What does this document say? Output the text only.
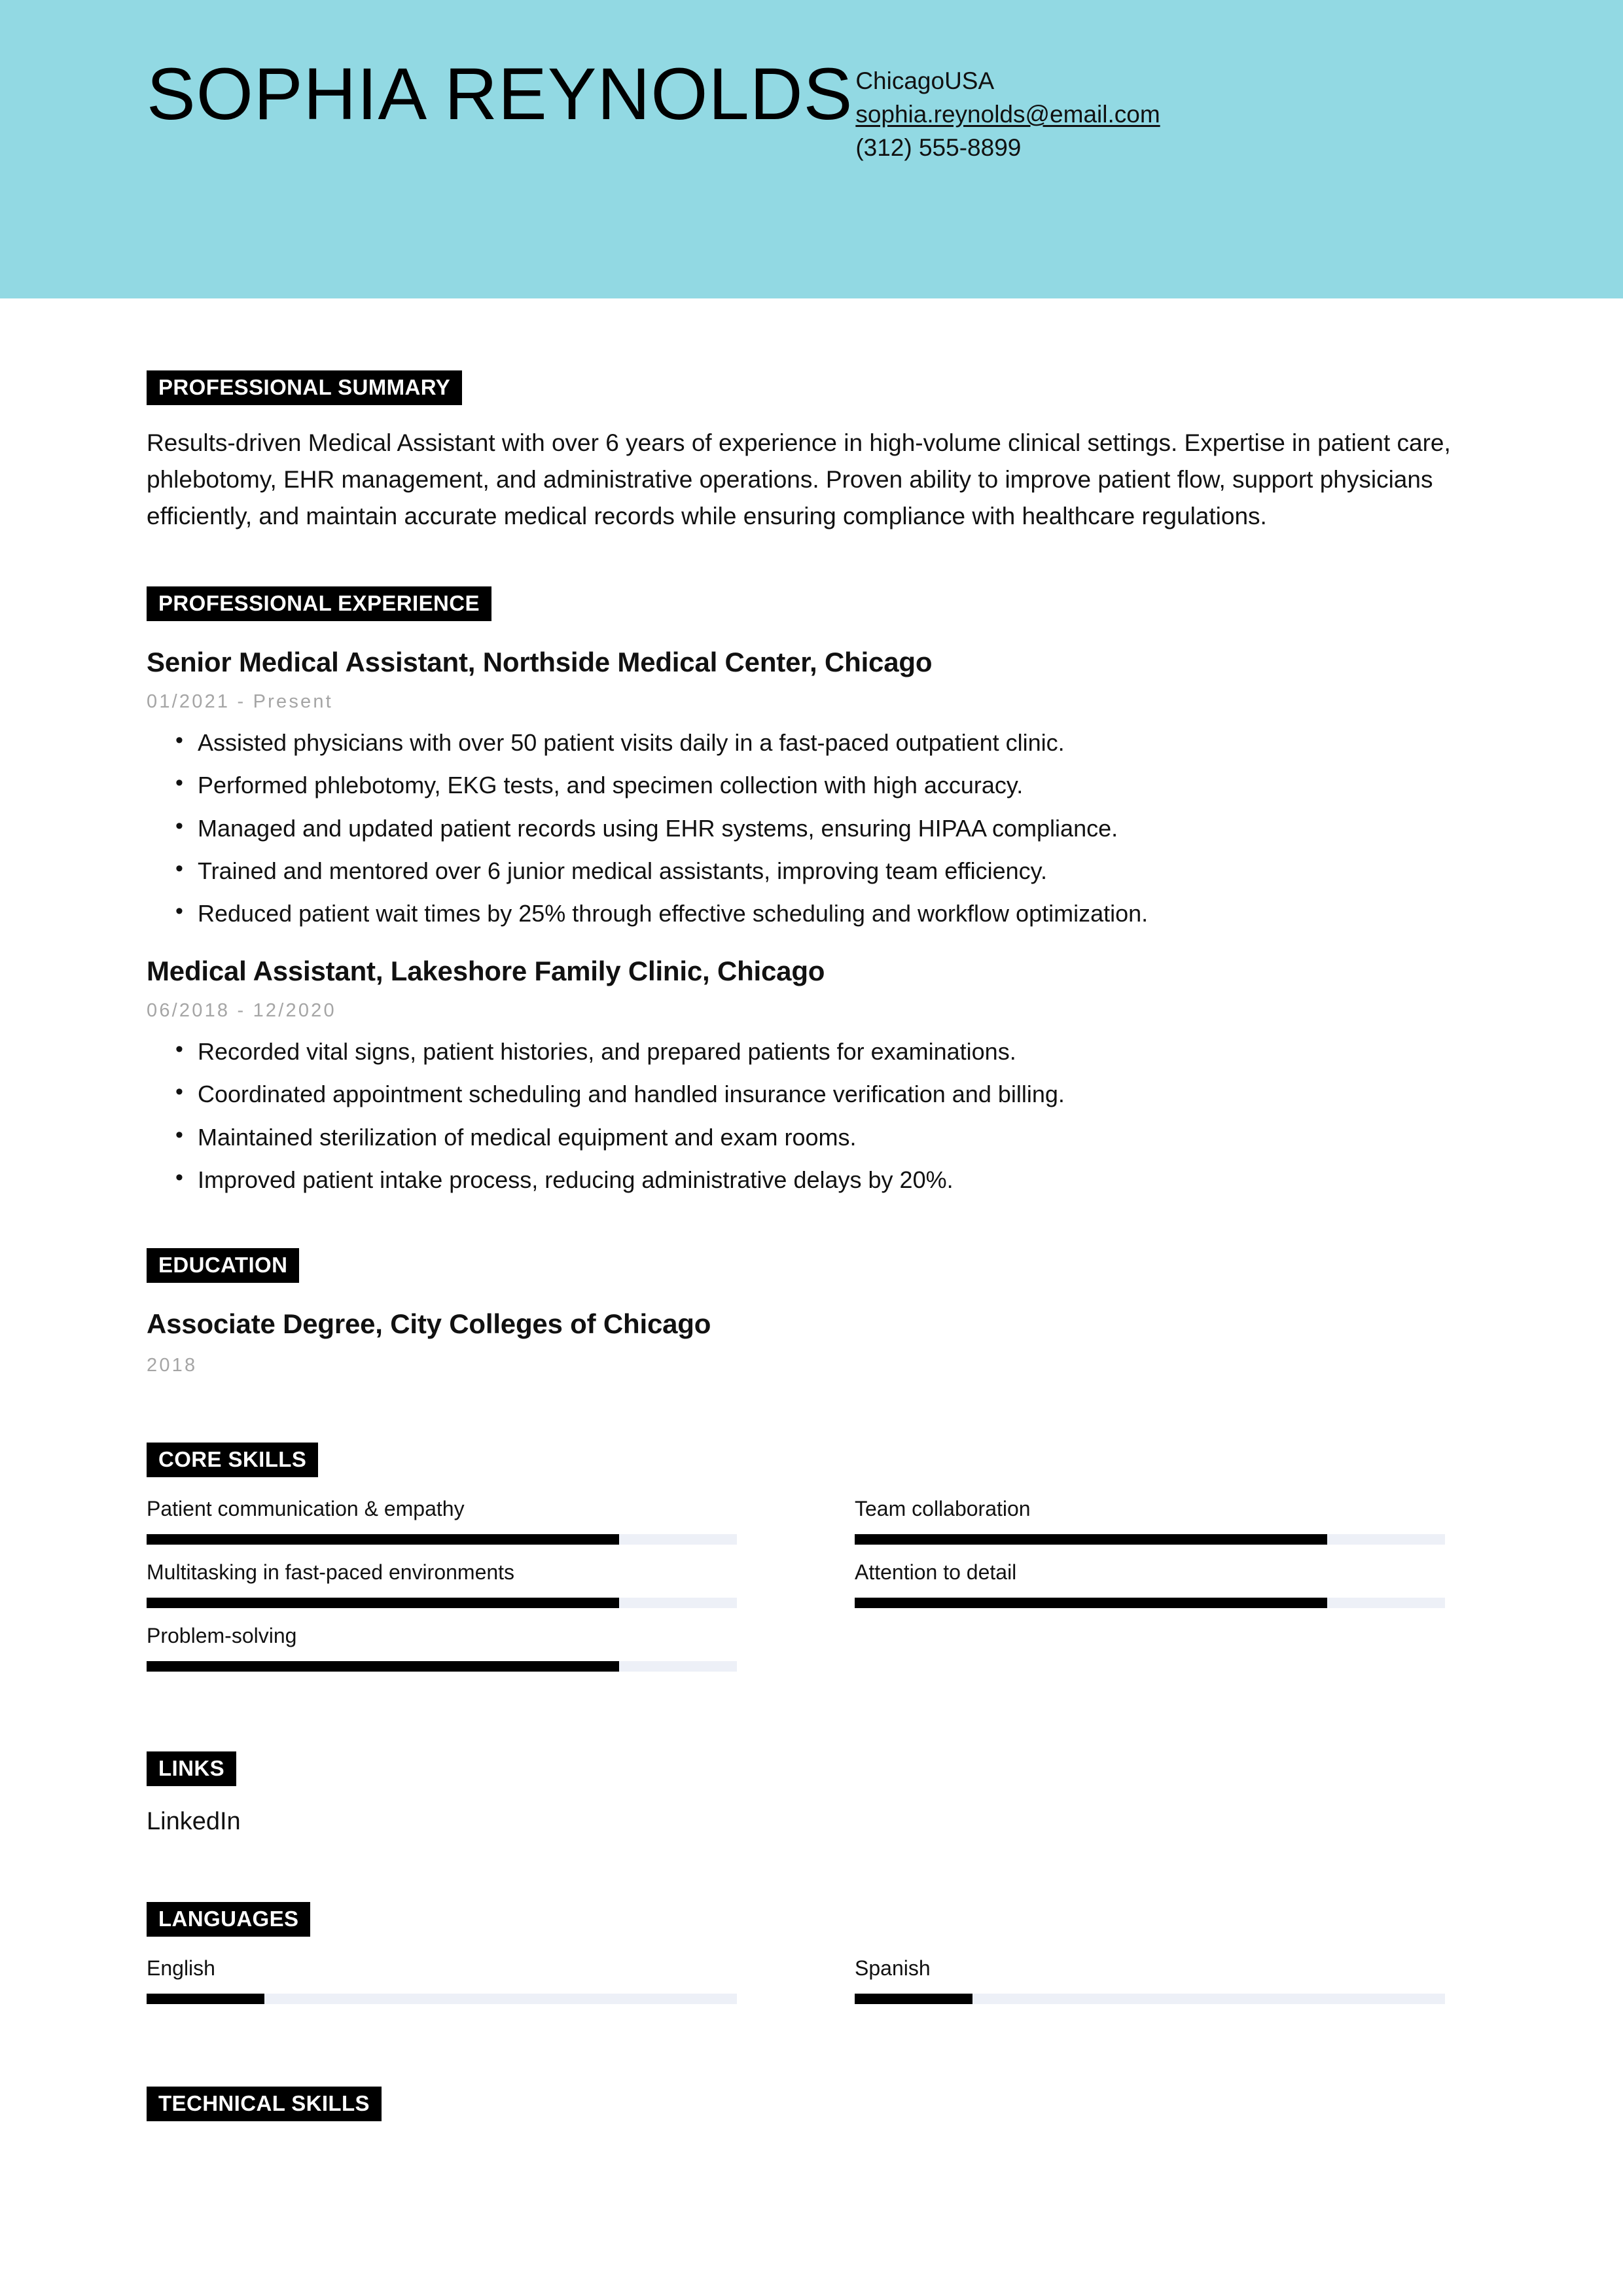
SOPHIA REYNOLDS ChicagoUSA
sophia.reynolds@email.com
(312) 555-8899
PROFESSIONAL SUMMARY

Results-driven Medical Assistant with over 6 years of experience in high-volume clinical settings. Expertise in patient care, phlebotomy, EHR management, and administrative operations. Proven ability to improve patient flow, support physicians efficiently, and maintain accurate medical records while ensuring compliance with healthcare regulations.

PROFESSIONAL EXPERIENCE
Senior Medical Assistant, Northside Medical Center, Chicago
01/2021 - Present
• Assisted physicians with over 50 patient visits daily in a fast-paced outpatient clinic.
• Performed phlebotomy, EKG tests, and specimen collection with high accuracy.
• Managed and updated patient records using EHR systems, ensuring HIPAA compliance.
• Trained and mentored over 6 junior medical assistants, improving team efficiency.
• Reduced patient wait times by 25% through effective scheduling and workflow optimization.
Medical Assistant, Lakeshore Family Clinic, Chicago
06/2018 - 12/2020
• Recorded vital signs, patient histories, and prepared patients for examinations.
• Coordinated appointment scheduling and handled insurance verification and billing.
• Maintained sterilization of medical equipment and exam rooms.
• Improved patient intake process, reducing administrative delays by 20%.
EDUCATION
Associate Degree, City Colleges of Chicago
2018
CORE SKILLS
Patient communication & empathy	Team collaboration
Multitasking in fast-paced environments	Attention to detail
Problem-solving
LINKS
LinkedIn
LANGUAGES
English	Spanish
TECHNICAL SKILLS
